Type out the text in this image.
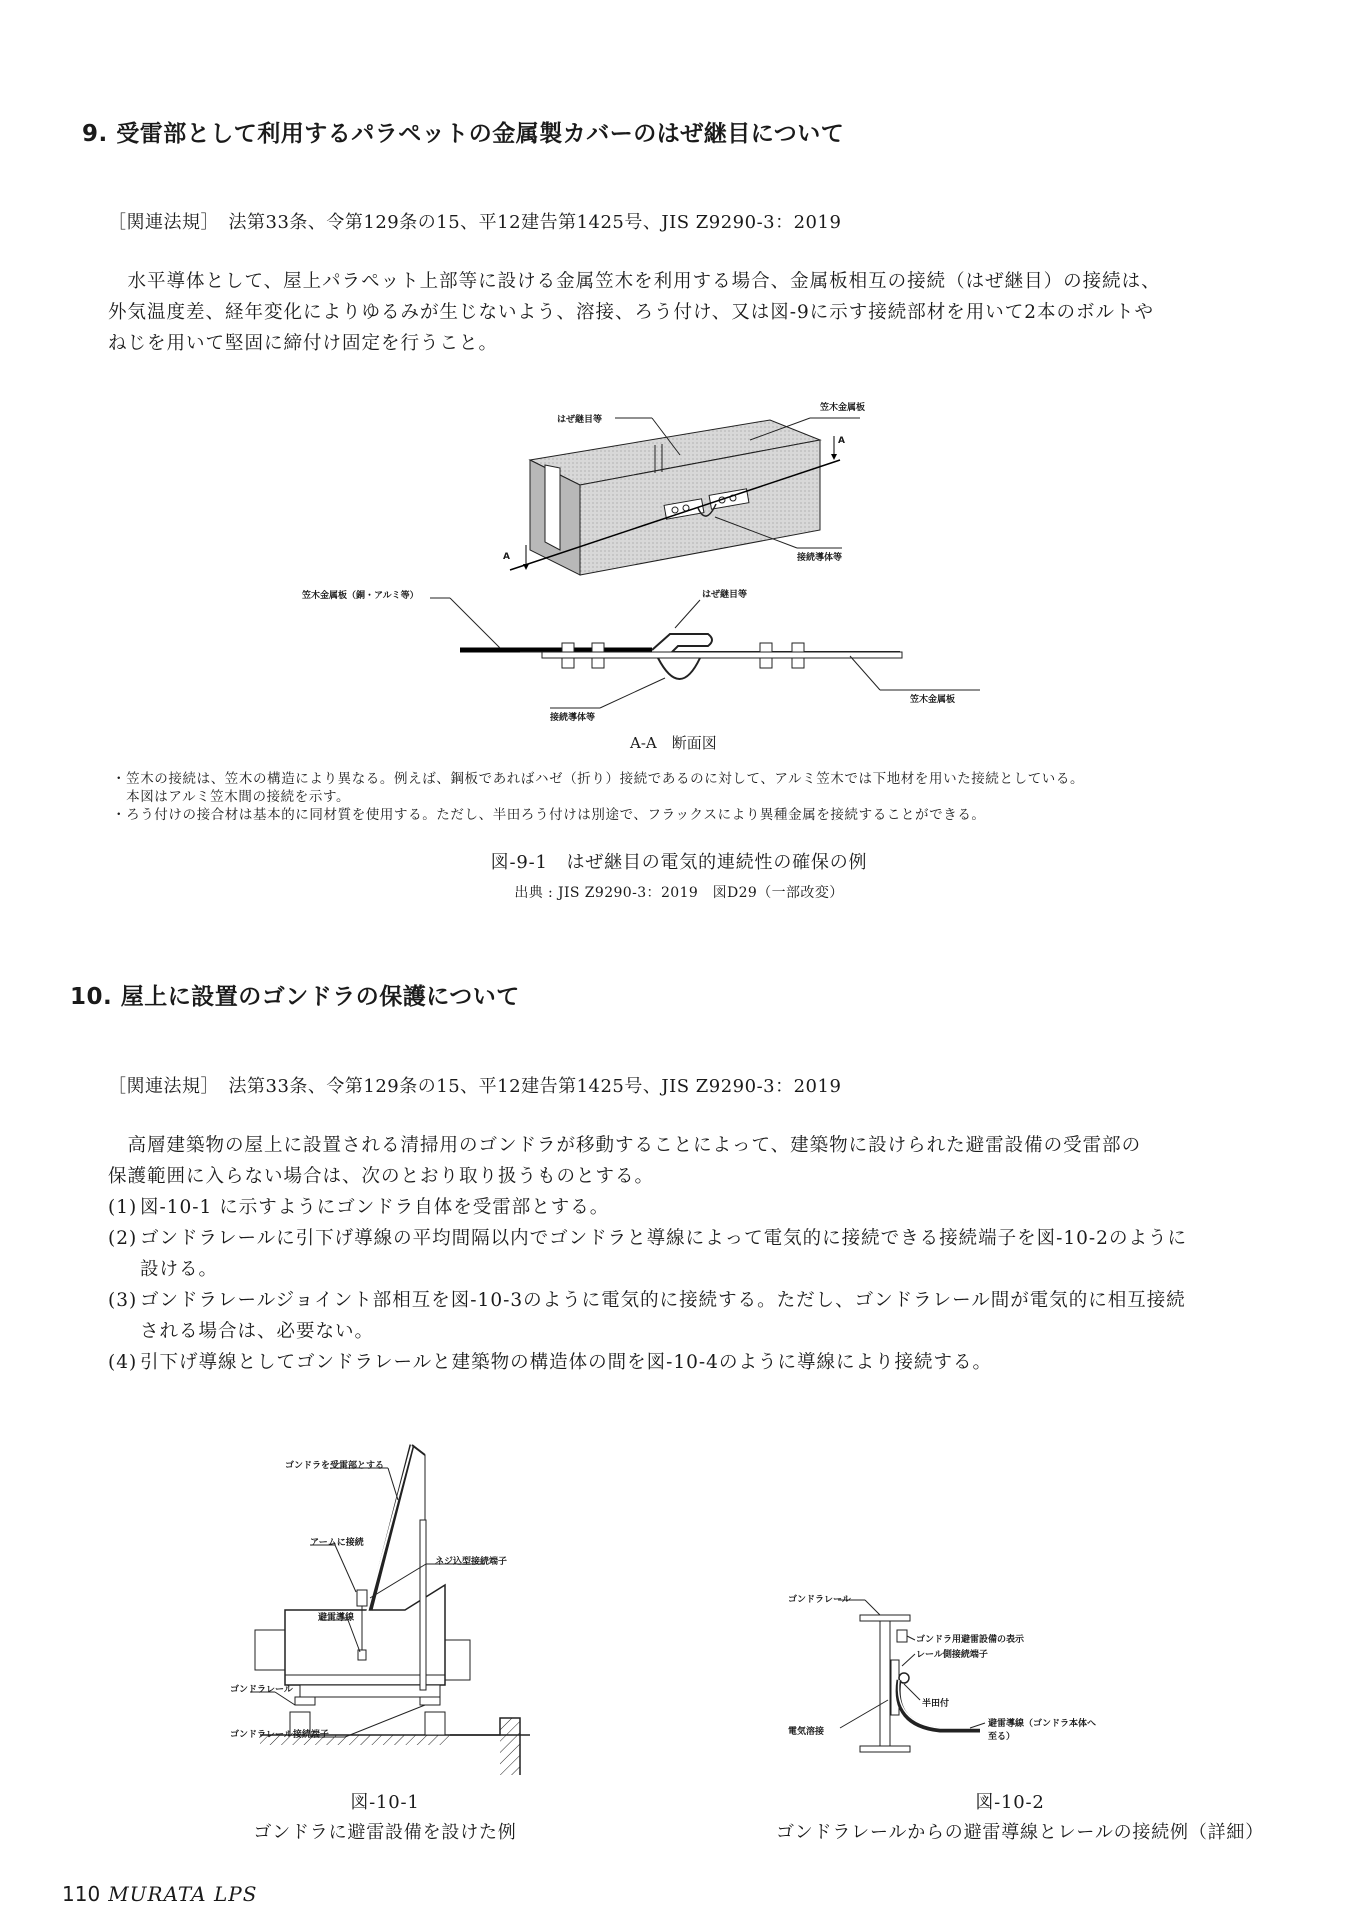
9. 受雷部として利用するパラペットの金属製カバーのはぜ継目について
［関連法規］　法第33条、令第129条の15、平12建告第1425号、JIS Z9290-3：2019

　水平導体として、屋上パラペット上部等に設ける金属笠木を利用する場合、金属板相互の接続（はぜ継目）の接続は、

外気温度差、経年変化によりゆるみが生じないよう、溶接、ろう付け、又は図-9に示す接続部材を用いて2本のボルトや

ねじを用いて堅固に締付け固定を行うこと。

はぜ継目等
笠木金属板
A
A	接続導体等
笠木金属板（銅・アルミ等）	はぜ継目等
接続導体等
笠木金属板
A-A　断面図
・笠木の接続は、笠木の構造により異なる。例えば、鋼板であればハゼ（折り）接続であるのに対して、アルミ笠木では下地材を用いた接続としている。
　本図はアルミ笠木間の接続を示す。
・ろう付けの接合材は基本的に同材質を使用する。ただし、半田ろう付けは別途で、フラックスにより異種金属を接続することができる。
図-9-1　はぜ継目の電気的連続性の確保の例
出典 : JIS Z9290-3：2019　図D29（一部改変）
10. 屋上に設置のゴンドラの保護について
［関連法規］　法第33条、令第129条の15、平12建告第1425号、JIS Z9290-3：2019

　高層建築物の屋上に設置される清掃用のゴンドラが移動することによって、建築物に設けられた避雷設備の受雷部の

保護範囲に入らない場合は、次のとおり取り扱うものとする。

(1) 図-10-1 に示すようにゴンドラ自体を受雷部とする。
(2) ゴンドラレールに引下げ導線の平均間隔以内でゴンドラと導線によって電気的に接続できる接続端子を図-10-2のように
設ける。
(3) ゴンドラレールジョイント部相互を図-10-3のように電気的に接続する。ただし、ゴンドラレール間が電気的に相互接続
される場合は、必要ない。
(4) 引下げ導線としてゴンドラレールと建築物の構造体の間を図-10-4のように導線により接続する。
ゴンドラを受雷部とする
アームに接続
ネジ込型接続端子
避雷導線
ゴンドラレール
ゴンドラレール接続端子
図-10-1
ゴンドラに避雷設備を設けた例
ゴンドラレール
ゴンドラ用避雷設備の表示
レール側接続端子
半田付
電気溶接
避雷導線（ゴンドラ本体へ至る）
図-10-2
ゴンドラレールからの避雷導線とレールの接続例（詳細）
110 MURATA LPS
